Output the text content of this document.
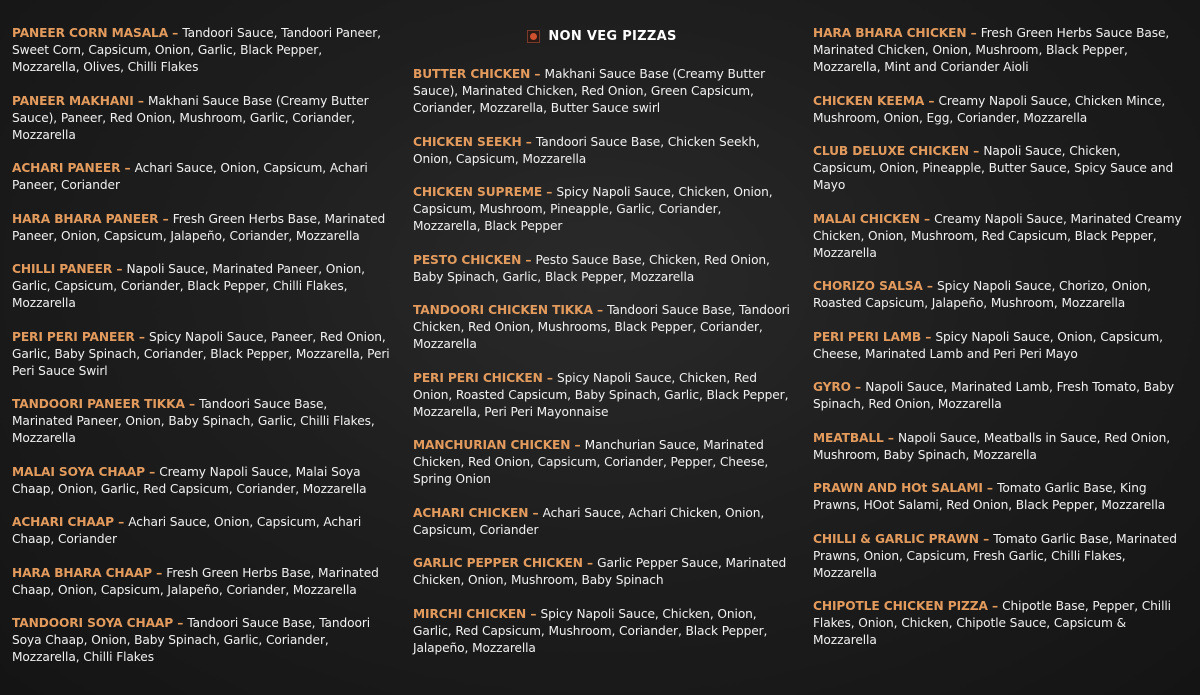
PANEER CORN MASALA – Tandoori Sauce, Tandoori Paneer, Sweet Corn, Capsicum, Onion, Garlic, Black Pepper, Mozzarella, Olives, Chilli Flakes
PANEER MAKHANI – Makhani Sauce Base (Creamy Butter Sauce), Paneer, Red Onion, Mushroom, Garlic, Coriander, Mozzarella
ACHARI PANEER – Achari Sauce, Onion, Capsicum, Achari Paneer, Coriander
HARA BHARA PANEER – Fresh Green Herbs Base, Marinated Paneer, Onion, Capsicum, Jalapeño, Coriander, Mozzarella
CHILLI PANEER – Napoli Sauce, Marinated Paneer, Onion, Garlic, Capsicum, Coriander, Black Pepper, Chilli Flakes, Mozzarella
PERI PERI PANEER – Spicy Napoli Sauce, Paneer, Red Onion, Garlic, Baby Spinach, Coriander, Black Pepper, Mozzarella, Peri Peri Sauce Swirl
TANDOORI PANEER TIKKA – Tandoori Sauce Base, Marinated Paneer, Onion, Baby Spinach, Garlic, Chilli Flakes, Mozzarella
MALAI SOYA CHAAP – Creamy Napoli Sauce, Malai Soya Chaap, Onion, Garlic, Red Capsicum, Coriander, Mozzarella
ACHARI CHAAP – Achari Sauce, Onion, Capsicum, Achari Chaap, Coriander
HARA BHARA CHAAP – Fresh Green Herbs Base, Marinated Chaap, Onion, Capsicum, Jalapeño, Coriander, Mozzarella
TANDOORI SOYA CHAAP – Tandoori Sauce Base, Tandoori Soya Chaap, Onion, Baby Spinach, Garlic, Coriander, Mozzarella, Chilli Flakes
NON VEG PIZZAS
BUTTER CHICKEN – Makhani Sauce Base (Creamy Butter Sauce), Marinated Chicken, Red Onion, Green Capsicum, Coriander, Mozzarella, Butter Sauce swirl
CHICKEN SEEKH – Tandoori Sauce Base, Chicken Seekh, Onion, Capsicum, Mozzarella
CHICKEN SUPREME – Spicy Napoli Sauce, Chicken, Onion, Capsicum, Mushroom, Pineapple, Garlic, Coriander, Mozzarella, Black Pepper
PESTO CHICKEN – Pesto Sauce Base, Chicken, Red Onion, Baby Spinach, Garlic, Black Pepper, Mozzarella
TANDOORI CHICKEN TIKKA – Tandoori Sauce Base, Tandoori Chicken, Red Onion, Mushrooms, Black Pepper, Coriander, Mozzarella
PERI PERI CHICKEN – Spicy Napoli Sauce, Chicken, Red Onion, Roasted Capsicum, Baby Spinach, Garlic, Black Pepper, Mozzarella, Peri Peri Mayonnaise
MANCHURIAN CHICKEN – Manchurian Sauce, Marinated Chicken, Red Onion, Capsicum, Coriander, Pepper, Cheese, Spring Onion
ACHARI CHICKEN – Achari Sauce, Achari Chicken, Onion, Capsicum, Coriander
GARLIC PEPPER CHICKEN – Garlic Pepper Sauce, Marinated Chicken, Onion, Mushroom, Baby Spinach
MIRCHI CHICKEN – Spicy Napoli Sauce, Chicken, Onion, Garlic, Red Capsicum, Mushroom, Coriander, Black Pepper, Jalapeño, Mozzarella
HARA BHARA CHICKEN – Fresh Green Herbs Sauce Base, Marinated Chicken, Onion, Mushroom, Black Pepper, Mozzarella, Mint and Coriander Aioli
CHICKEN KEEMA – Creamy Napoli Sauce, Chicken Mince, Mushroom, Onion, Egg, Coriander, Mozzarella
CLUB DELUXE CHICKEN – Napoli Sauce, Chicken, Capsicum, Onion, Pineapple, Butter Sauce, Spicy Sauce and Mayo
MALAI CHICKEN – Creamy Napoli Sauce, Marinated Creamy Chicken, Onion, Mushroom, Red Capsicum, Black Pepper, Mozzarella
CHORIZO SALSA – Spicy Napoli Sauce, Chorizo, Onion, Roasted Capsicum, Jalapeño, Mushroom, Mozzarella
PERI PERI LAMB – Spicy Napoli Sauce, Onion, Capsicum, Cheese, Marinated Lamb and Peri Peri Mayo
GYRO – Napoli Sauce, Marinated Lamb, Fresh Tomato, Baby Spinach, Red Onion, Mozzarella
MEATBALL – Napoli Sauce, Meatballs in Sauce, Red Onion, Mushroom, Baby Spinach, Mozzarella
PRAWN AND HOt SALAMI – Tomato Garlic Base, King Prawns, HOot Salami, Red Onion, Black Pepper, Mozzarella
CHILLI & GARLIC PRAWN – Tomato Garlic Base, Marinated Prawns, Onion, Capsicum, Fresh Garlic, Chilli Flakes, Mozzarella
CHIPOTLE CHICKEN PIZZA – Chipotle Base, Pepper, Chilli Flakes, Onion, Chicken, Chipotle Sauce, Capsicum & Mozzarella
